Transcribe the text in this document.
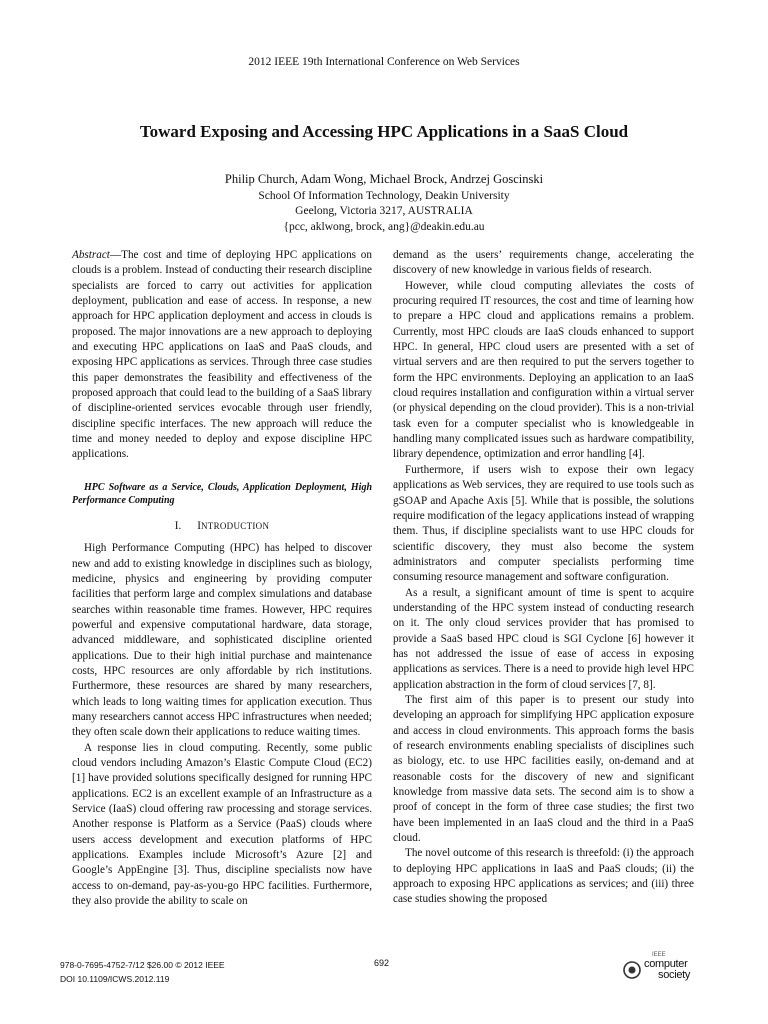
2012 IEEE 19th International Conference on Web Services
Toward Exposing and Accessing HPC Applications in a SaaS Cloud
Philip Church, Adam Wong, Michael Brock, Andrzej Goscinski
School Of Information Technology, Deakin University
Geelong, Victoria 3217, AUSTRALIA
{pcc, aklwong, brock, ang}@deakin.edu.au

Abstract—The cost and time of deploying HPC applications on clouds is a problem. Instead of conducting their research discipline specialists are forced to carry out activities for application deployment, publication and ease of access. In response, a new approach for HPC application deployment and access in clouds is proposed. The major innovations are a new approach to deploying and executing HPC applications on IaaS and PaaS clouds, and exposing HPC applications as services. Through three case studies this paper demonstrates the feasibility and effectiveness of the proposed approach that could lead to the building of a SaaS library of discipline-oriented services evocable through user friendly, discipline specific interfaces. The new approach will reduce the time and money needed to deploy and expose discipline HPC applications.

HPC Software as a Service, Clouds, Application Deployment, High Performance Computing

I. INTRODUCTION

High Performance Computing (HPC) has helped to discover new and add to existing knowledge in disciplines such as biology, medicine, physics and engineering by providing computer facilities that perform large and complex simulations and database searches within reasonable time frames. However, HPC requires powerful and expensive computational hardware, data storage, advanced middleware, and sophisticated discipline oriented applications. Due to their high initial purchase and maintenance costs, HPC resources are only affordable by rich institutions. Furthermore, these resources are shared by many researchers, which leads to long waiting times for application execution. Thus many researchers cannot access HPC infrastructures when needed; they often scale down their applications to reduce waiting times.

A response lies in cloud computing. Recently, some public cloud vendors including Amazon’s Elastic Compute Cloud (EC2) [1] have provided solutions specifically designed for running HPC applications. EC2 is an excellent example of an Infrastructure as a Service (IaaS) cloud offering raw processing and storage services. Another response is Platform as a Service (PaaS) clouds where users access development and execution platforms of HPC applications. Examples include Microsoft’s Azure [2] and Google’s AppEngine [3]. Thus, discipline specialists now have access to on-demand, pay-as-you-go HPC facilities. Furthermore, they also provide the ability to scale on

demand as the users’ requirements change, accelerating the discovery of new knowledge in various fields of research.

However, while cloud computing alleviates the costs of procuring required IT resources, the cost and time of learning how to prepare a HPC cloud and applications remains a problem. Currently, most HPC clouds are IaaS clouds enhanced to support HPC. In general, HPC cloud users are presented with a set of virtual servers and are then required to put the servers together to form the HPC environments. Deploying an application to an IaaS cloud requires installation and configuration within a virtual server (or physical depending on the cloud provider). This is a non-trivial task even for a computer specialist who is knowledgeable in handling many complicated issues such as hardware compatibility, library dependence, optimization and error handling [4].

Furthermore, if users wish to expose their own legacy applications as Web services, they are required to use tools such as gSOAP and Apache Axis [5]. While that is possible, the solutions require modification of the legacy applications instead of wrapping them. Thus, if discipline specialists want to use HPC clouds for scientific discovery, they must also become the system administrators and computer specialists performing time consuming resource management and software configuration.

As a result, a significant amount of time is spent to acquire understanding of the HPC system instead of conducting research on it. The only cloud services provider that has promised to provide a SaaS based HPC cloud is SGI Cyclone [6] however it has not addressed the issue of ease of access in exposing applications as services. There is a need to provide high level HPC application abstraction in the form of cloud services [7, 8].

The first aim of this paper is to present our study into developing an approach for simplifying HPC application exposure and access in cloud environments. This approach forms the basis of research environments enabling specialists of disciplines such as biology, etc. to use HPC facilities easily, on-demand and at reasonable costs for the discovery of new and significant knowledge from massive data sets. The second aim is to show a proof of concept in the form of three case studies; the first two have been implemented in an IaaS cloud and the third in a PaaS cloud.

The novel outcome of this research is threefold: (i) the approach to deploying HPC applications in IaaS and PaaS clouds; (ii) the approach to exposing HPC applications as services; and (iii) three case studies showing the proposed

978-0-7695-4752-7/12 $26.00 © 2012 IEEE
DOI 10.1109/ICWS.2012.119
692
IEEE
computer
society
